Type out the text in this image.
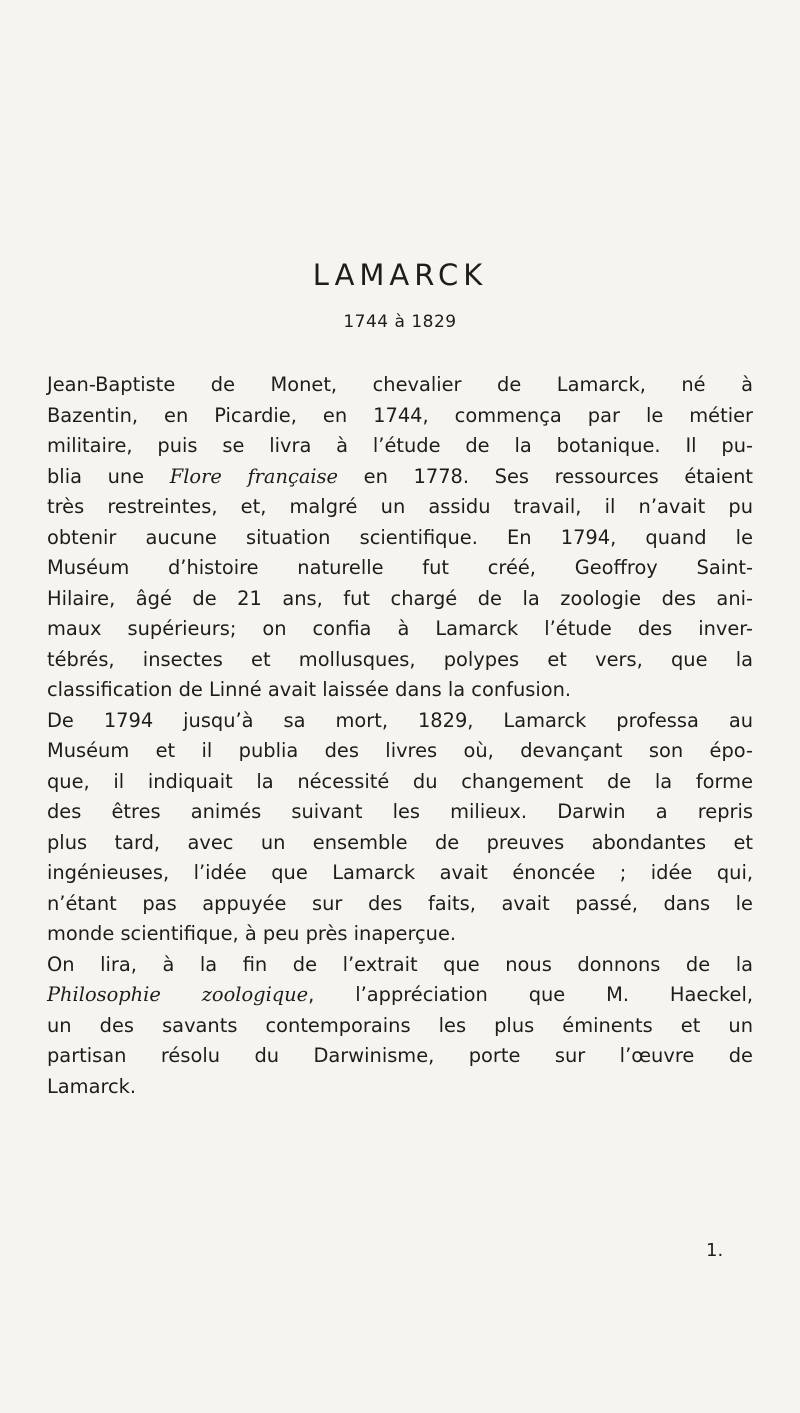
LAMARCK
1744 à 1829
Jean-Baptiste de Monet, chevalier de Lamarck, né à
Bazentin, en Picardie, en 1744, commença par le métier
militaire, puis se livra à l’étude de la botanique. Il pu-
blia une Flore française en 1778. Ses ressources étaient
très restreintes, et, malgré un assidu travail, il n’avait pu
obtenir aucune situation scientifique. En 1794, quand le
Muséum d’histoire naturelle fut créé, Geoffroy Saint-
Hilaire, âgé de 21 ans, fut chargé de la zoologie des ani-
maux supérieurs; on confia à Lamarck l’étude des inver-
tébrés, insectes et mollusques, polypes et vers, que la
classification de Linné avait laissée dans la confusion.
De 1794 jusqu’à sa mort, 1829, Lamarck professa au
Muséum et il publia des livres où, devançant son épo-
que, il indiquait la nécessité du changement de la forme
des êtres animés suivant les milieux. Darwin a repris
plus tard, avec un ensemble de preuves abondantes et
ingénieuses, l’idée que Lamarck avait énoncée ; idée qui,
n’étant pas appuyée sur des faits, avait passé, dans le
monde scientifique, à peu près inaperçue.
On lira, à la fin de l’extrait que nous donnons de la
Philosophie zoologique, l’appréciation que M. Haeckel,
un des savants contemporains les plus éminents et un
partisan résolu du Darwinisme, porte sur l’œuvre de
Lamarck.
1.
